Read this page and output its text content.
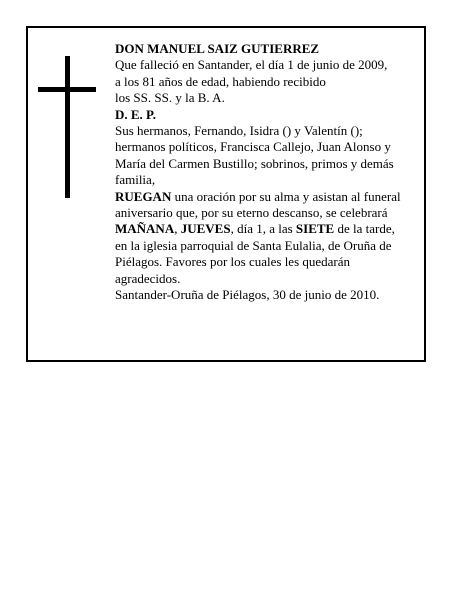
DON MANUEL SAIZ GUTIERREZ
Que falleció en Santander, el día 1 de junio de 2009,
a los 81 años de edad, habiendo recibido
los SS. SS. y la B. A.
D. E. P.
Sus hermanos, Fernando, Isidra () y Valentín ();
hermanos políticos, Francisca Callejo, Juan Alonso y
María del Carmen Bustillo; sobrinos, primos y demás
familia,
RUEGAN una oración por su alma y asistan al funeral
aniversario que, por su eterno descanso, se celebrará
MAÑANA, JUEVES, día 1, a las SIETE de la tarde,
en la iglesia parroquial de Santa Eulalia, de Oruña de
Piélagos. Favores por los cuales les quedarán
agradecidos.
Santander-Oruña de Piélagos, 30 de junio de 2010.
